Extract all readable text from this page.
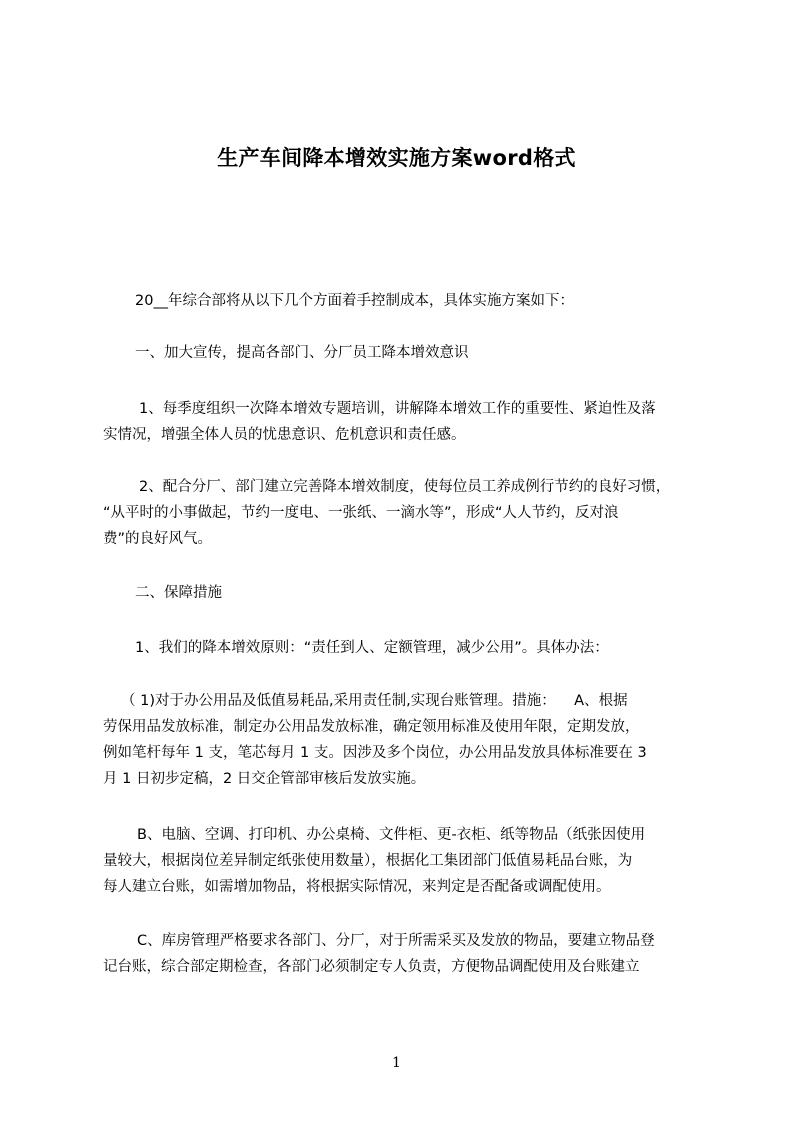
生产车间降本增效实施方案word格式
20__年综合部将从以下几个方面着手控制成本，具体实施方案如下：
一、加大宣传，提高各部门、分厂员工降本增效意识
1、每季度组织一次降本增效专题培训，讲解降本增效工作的重要性、紧迫性及落
实情况，增强全体人员的忧患意识、危机意识和责任感。
2、配合分厂、部门建立完善降本增效制度，使每位员工养成例行节约的良好习惯，
“从平时的小事做起，节约一度电、一张纸、一滴水等”，形成“人人节约，反对浪
费”的良好风气。
二、保障措施
1、我们的降本增效原则：“责任到人、定额管理，减少公用”。具体办法：
（ 1)对于办公用品及低值易耗品,采用责任制,实现台账管理。措施：    A、根据
劳保用品发放标准，制定办公用品发放标准，确定领用标准及使用年限，定期发放，
例如笔杆每年 1 支，笔芯每月 1 支。因涉及多个岗位，办公用品发放具体标准要在 3
月 1 日初步定稿，2 日交企管部审核后发放实施。
B、电脑、空调、打印机、办公桌椅、文件柜、更-衣柜、纸等物品（纸张因使用
量较大，根据岗位差异制定纸张使用数量），根据化工集团部门低值易耗品台账，为
每人建立台账，如需增加物品，将根据实际情况，来判定是否配备或调配使用。
C、库房管理严格要求各部门、分厂，对于所需采买及发放的物品，要建立物品登
记台账，综合部定期检查，各部门必须制定专人负责，方便物品调配使用及台账建立
1
